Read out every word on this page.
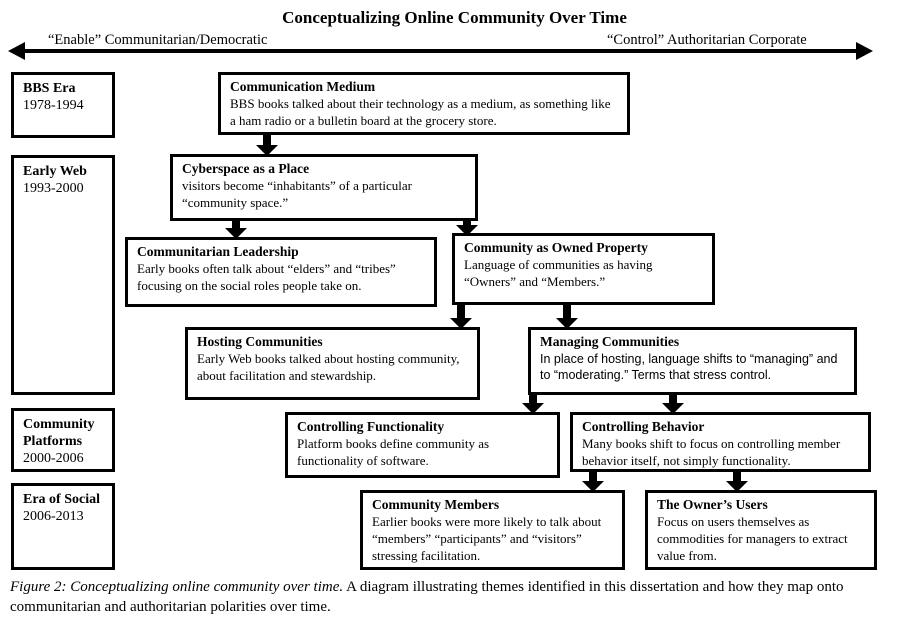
Conceptualizing Online Community Over Time
“Enable” Communitarian/Democratic	“Control” Authoritarian Corporate
BBS Era
1978-1994
Early Web
1993-2000
Community Platforms
2000-2006
Era of Social
2006-2013
Communication Medium
BBS books talked about their technology as a medium, as something like a ham radio or a bulletin board at the grocery store.
Cyberspace as a Place
visitors become “inhabitants” of a particular “community space.”
Communitarian Leadership
Early books often talk about “elders” and “tribes” focusing on the social roles people take on.
Community as Owned Property
Language of communities as having “Owners” and “Members.”
Hosting Communities
Early Web books talked about hosting community, about facilitation and stewardship.
Managing Communities
In place of hosting, language shifts to “managing” and to “moderating.” Terms that stress control.
Controlling Functionality
Platform books define community as functionality of software.
Controlling Behavior
Many books shift to focus on controlling member behavior itself, not simply functionality.
Community Members
Earlier books were more likely to talk about “members” “participants” and “visitors” stressing facilitation.
The Owner’s Users
Focus on users themselves as commodities for managers to extract value from.
Figure 2: Conceptualizing online community over time. A diagram illustrating themes identified in this dissertation and how they map onto communitarian and authoritarian polarities over time.
